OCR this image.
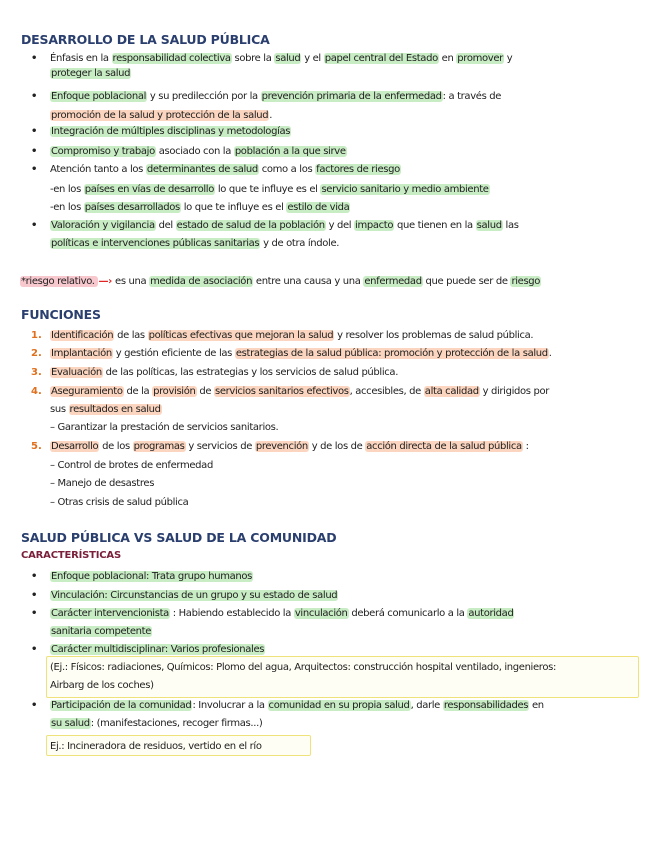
DESARROLLO DE LA SALUD PÚBLICA
FUNCIONES
SALUD PÚBLICA VS SALUD DE LA COMUNIDAD
CARACTERÍSTICAS
• Énfasis en la responsabilidad colectiva sobre la salud y el papel central del Estado en promover y
proteger la salud
• Enfoque poblacional y su predilección por la prevención primaria de la enfermedad: a través de
promoción de la salud y protección de la salud.
• Integración de múltiples disciplinas y metodologías
• Compromiso y trabajo asociado con la población a la que sirve
• Atención tanto a los determinantes de salud como a los factores de riesgo
-en los países en vías de desarrollo lo que te influye es el servicio sanitario y medio ambiente
-en los países desarrollados lo que te influye es el estilo de vida
• Valoración y vigilancia del estado de salud de la población y del impacto que tienen en la salud las
políticas e intervenciones públicas sanitarias y de otra índole.
*riesgo relativo. —› es una medida de asociación entre una causa y una enfermedad que puede ser de riesgo
1. Identificación de las políticas efectivas que mejoran la salud y resolver los problemas de salud pública.
2. Implantación y gestión eficiente de las estrategias de la salud pública: promoción y protección de la salud.
3. Evaluación de las políticas, las estrategias y los servicios de salud pública.
4. Aseguramiento de la provisión de servicios sanitarios efectivos, accesibles, de alta calidad y dirigidos por
sus resultados en salud
– Garantizar la prestación de servicios sanitarios.
5. Desarrollo de los programas y servicios de prevención y de los de acción directa de la salud pública :
– Control de brotes de enfermedad
– Manejo de desastres
– Otras crisis de salud pública
• Enfoque poblacional: Trata grupo humanos
• Vinculación: Circunstancias de un grupo y su estado de salud
• Carácter intervencionista : Habiendo establecido la vinculación deberá comunicarlo a la autoridad
sanitaria competente
• Carácter multidisciplinar: Varios profesionales
(Ej.: Físicos: radiaciones, Químicos: Plomo del agua, Arquitectos: construcción hospital ventilado, ingenieros:
Airbarg de los coches)
• Participación de la comunidad: Involucrar a la comunidad en su propia salud, darle responsabilidades en
su salud: (manifestaciones, recoger firmas...)
Ej.: Incineradora de residuos, vertido en el río
